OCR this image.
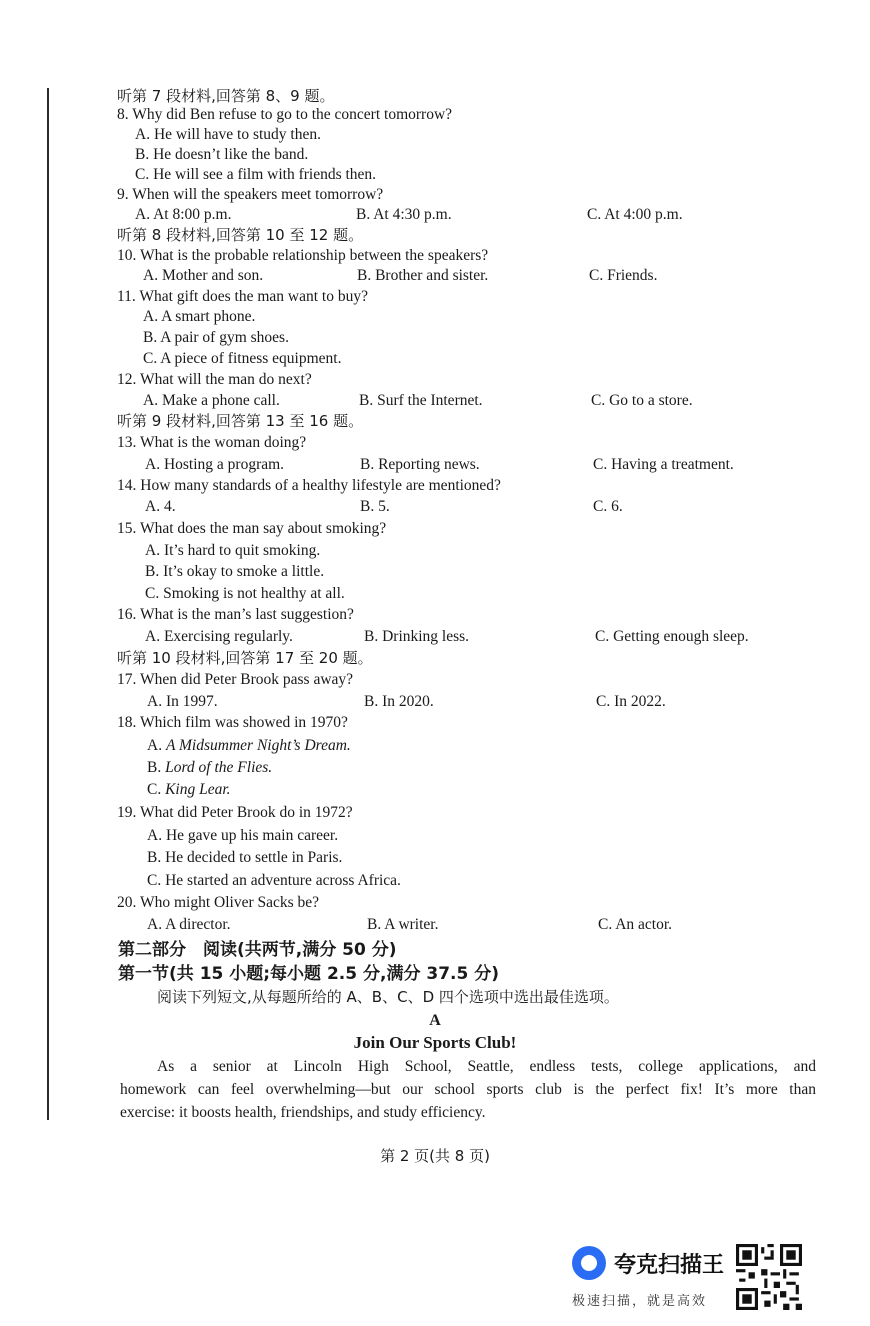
听第 7 段材料,回答第 8、9 题。
8. Why did Ben refuse to go to the concert tomorrow?
A. He will have to study then.
B. He doesn’t like the band.
C. He will see a film with friends then.
9. When will the speakers meet tomorrow?
A. At 8:00 p.m.	B. At 4:30 p.m.	C. At 4:00 p.m.
听第 8 段材料,回答第 10 至 12 题。
10. What is the probable relationship between the speakers?
A. Mother and son.	B. Brother and sister.	C. Friends.
11. What gift does the man want to buy?
A. A smart phone.
B. A pair of gym shoes.
C. A piece of fitness equipment.
12. What will the man do next?
A. Make a phone call.	B. Surf the Internet.	C. Go to a store.
听第 9 段材料,回答第 13 至 16 题。
13. What is the woman doing?
A. Hosting a program.	B. Reporting news.	C. Having a treatment.
14. How many standards of a healthy lifestyle are mentioned?
A. 4.	B. 5.	C. 6.
15. What does the man say about smoking?
A. It’s hard to quit smoking.
B. It’s okay to smoke a little.
C. Smoking is not healthy at all.
16. What is the man’s last suggestion?
A. Exercising regularly.	B. Drinking less.	C. Getting enough sleep.
听第 10 段材料,回答第 17 至 20 题。
17. When did Peter Brook pass away?
A. In 1997.	B. In 2020.	C. In 2022.
18. Which film was showed in 1970?
A. A Midsummer Night’s Dream.
B. Lord of the Flies.
C. King Lear.
19. What did Peter Brook do in 1972?
A. He gave up his main career.
B. He decided to settle in Paris.
C. He started an adventure across Africa.
20. Who might Oliver Sacks be?
A. A director.	B. A writer.	C. An actor.
第二部分　阅读(共两节,满分 50 分)
第一节(共 15 小题;每小题 2.5 分,满分 37.5 分)
阅读下列短文,从每题所给的 A、B、C、D 四个选项中选出最佳选项。
A
Join Our Sports Club!
As a senior at Lincoln High School, Seattle, endless tests, college applications, and
homework can feel overwhelming—but our school sports club is the perfect fix! It’s more than
exercise: it boosts health, friendships, and study efficiency.
第 2 页(共 8 页)
夸克扫描王
极速扫描，就是高效
